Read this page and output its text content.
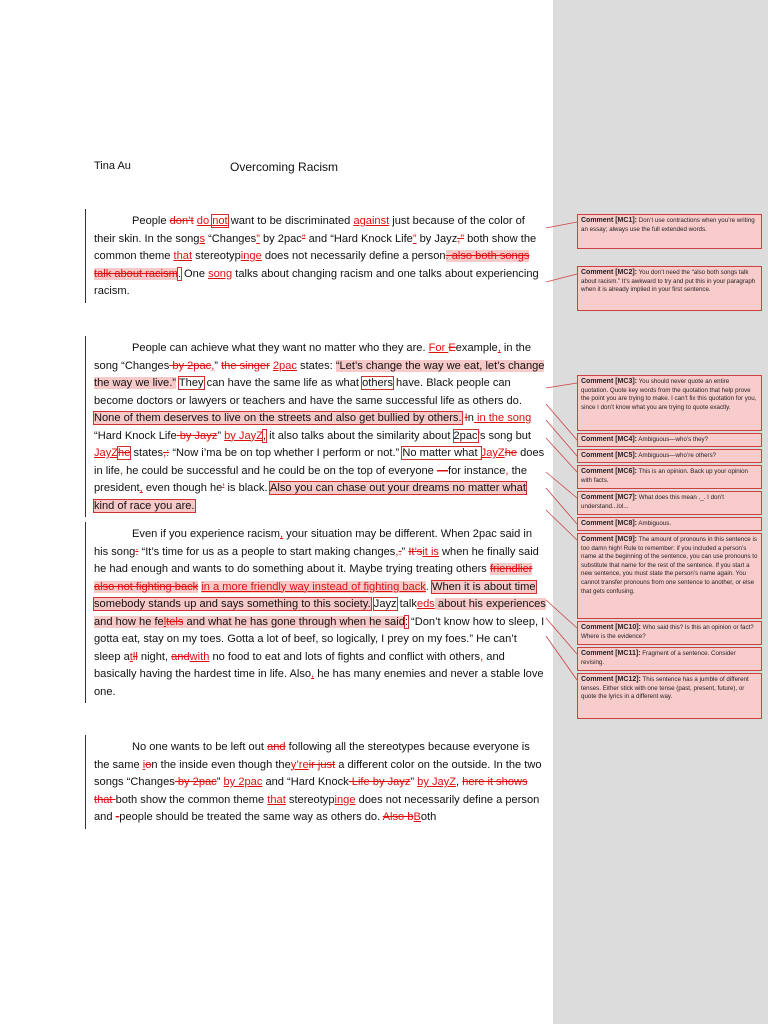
Tina Au	Overcoming Racism
People don’t do not want to be discriminated against just because of the color of their skin. In the songs “Changes” by 2pac” and “Hard Knock Life” by Jayz,” both show the common theme that stereotypinge does not necessarily define a person. also both songs talk about racism. One song talks about changing racism and one talks about experiencing racism.
People can achieve what they want no matter who they are. For Eexample, in the song “Changes by 2pac,” the singer 2pac states: “Let’s change the way we eat, let’s change the way we live.” They can have the same life as what others have. Black people can become doctors or lawyers or teachers and have the same successful life as others do. None of them deserves to live on the streets and also get bullied by others. In in the song “Hard Knock Life by Jayz” by JayZ, it also talks about the similarity about 2pac’s song but JayZhe states,: “Now i’ma be on top whether I perform or not.” No matter what JayZhe does in life, he could be successful and he could be on the top of everyone —for instance, the president, even though he’ is black. Also you can chase out your dreams no matter what kind of race you are.
Even if you experience racism, your situation may be different. When 2pac said in his song: “It’s time for us as a people to start making changes,.” It’sit is when he finally said he had enough and wants to do something about it. Maybe trying treating others friendlier also not fighting back in a more friendly way instead of fighting back. When it is about time somebody stands up and says something to this society. Jayz talkeds about his experiences and how he feltels and what he has gone through when he said: “Don’t know how to sleep, I gotta eat, stay on my toes. Gotta a lot of beef, so logically, I prey on my foes.” He can’t sleep atll night, andwith no food to eat and lots of fights and conflict with others, and basically having the hardest time in life. Also, he has many enemies and never a stable love one.
No one wants to be left out and following all the stereotypes because everyone is the same ion the inside even though they’reir just a different color on the outside. In the two songs “Changes by 2pac” by 2pac and “Hard Knock Life by Jayz” by JayZ, here it shows that both show the common theme that stereotypinge does not necessarily define a person and -people should be treated the same way as others do. Also bBoth
Comment [MC1]: Don’t use contractions when you’re writing an essay; always use the full extended words.
Comment [MC2]: You don’t need the “also both songs talk about racism.” It’s awkward to try and put this in your paragraph when it is already implied in your first sentence.
Comment [MC3]: You should never quote an entire quotation. Quote key words from the quotation that help prove the point you are trying to make. I can’t fix this quotation for you, since I don’t know what you are trying to quote exactly.
Comment [MC4]: Ambiguous—who’s they?
Comment [MC5]: Ambiguous—who’re others?
Comment [MC6]: This is an opinion. Back up your opinion with facts.
Comment [MC7]: What does this mean ._. I don’t understand...lol...
Comment [MC8]: Ambiguous.
Comment [MC9]: The amount of pronouns in this sentence is too damn high! Rule to remember: if you included a person’s name at the beginning of the sentence, you can use pronouns to substitute that name for the rest of the sentence. If you start a new sentence, you must state the person’s name again. You cannot transfer pronouns from one sentence to another, or else that gets confusing.
Comment [MC10]: Who said this? Is this an opinion or fact? Where is the evidence?
Comment [MC11]: Fragment of a sentence. Consider revising.
Comment [MC12]: This sentence has a jumble of different tenses. Either stick with one tense (past, present, future), or quote the lyrics in a different way.
